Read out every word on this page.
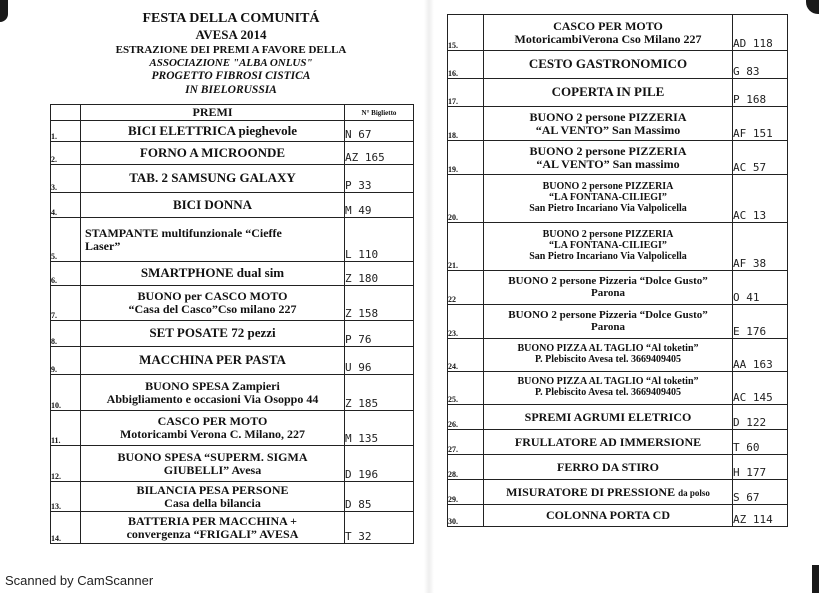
FESTA DELLA COMUNITÁ
AVESA 2014
ESTRAZIONE DEI PREMI A FAVORE DELLA
ASSOCIAZIONE "ALBA ONLUS"
PROGETTO FIBROSI CISTICA
IN BIELORUSSIA
	PREMI	N° Biglietto
1.	BICI ELETTRICA pieghevole	N 67
2.	FORNO A MICROONDE	AZ 165
3.	TAB. 2 SAMSUNG GALAXY	P 33
4.	BICI DONNA	M 49
5.	STAMPANTE multifunzionale “Cieffe
Laser”	L 110
6.	SMARTPHONE dual sim	Z 180
7.	BUONO per CASCO MOTO
“Casa del Casco”Cso milano 227	Z 158
8.	SET POSATE 72 pezzi	P 76
9.	MACCHINA PER PASTA	U 96
10.	BUONO SPESA Zampieri
Abbigliamento e occasioni Via Osoppo 44	Z 185
11.	CASCO PER MOTO
Motoricambi Verona C. Milano, 227	M 135
12.	BUONO SPESA “SUPERM. SIGMA
GIUBELLI” Avesa	D 196
13.	BILANCIA PESA PERSONE
Casa della bilancia	D 85
14.	BATTERIA PER MACCHINA +
convergenza “FRIGALI” AVESA	T 32
15.	CASCO PER MOTO
MotoricambiVerona Cso Milano 227	AD 118
16.	CESTO GASTRONOMICO	G 83
17.	COPERTA IN PILE	P 168
18.	BUONO 2 persone PIZZERIA
“AL VENTO” San Massimo	AF 151
19.	BUONO 2 persone PIZZERIA
“AL VENTO” San massimo	AC 57
20.	BUONO 2 persone PIZZERIA
“LA FONTANA-CILIEGI”
San Pietro Incariano Via Valpolicella	AC 13
21.	BUONO 2 persone PIZZERIA
“LA FONTANA-CILIEGI”
San Pietro Incariano Via Valpolicella	AF 38
22	BUONO 2 persone Pizzeria “Dolce Gusto”
Parona	O 41
23.	BUONO 2 persone Pizzeria “Dolce Gusto”
Parona	E 176
24.	BUONO PIZZA AL TAGLIO “Al toketin”
P. Plebiscito Avesa tel. 3669409405	AA 163
25.	BUONO PIZZA AL TAGLIO “Al toketin”
P. Plebiscito Avesa tel. 3669409405	AC 145
26.	SPREMI AGRUMI ELETRICO	D 122
27.	FRULLATORE AD IMMERSIONE	T 60
28.	FERRO DA STIRO	H 177
29.	MISURATORE DI PRESSIONE da polso	S 67
30.	COLONNA PORTA CD	AZ 114
Scanned by CamScanner
